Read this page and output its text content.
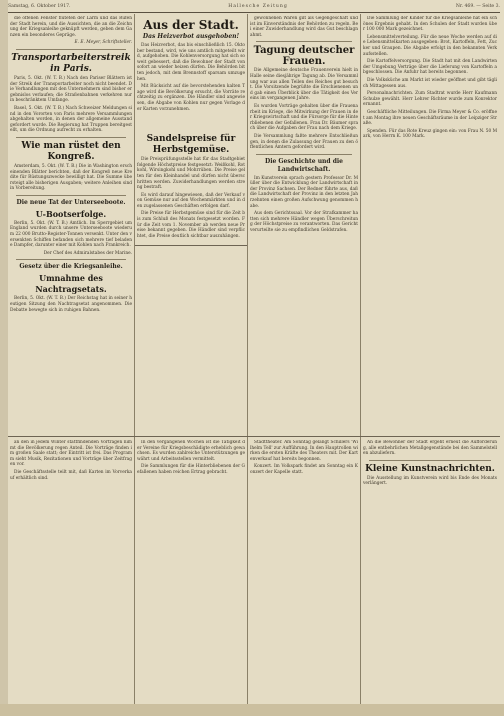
Samstag, 6. Oktober 1917.	Hallesche Zeitung	Nr. 469. — Seite 3.

die offenen Fenster fluteten der Lärm und das Rufen der Stadt herein, und die Aussichten, die an die Zeichnung der Kriegsanleihe geknüpft werden, geben dem Ganzen ein besonderes Gepräge.

E. E. Meyer, Schriftsteller.

Transportarbeiterstreik in Paris.

Paris, 5. Okt. (W. T. B.) Nach den Pariser Blättern ist der Streik der Transportarbeiter noch nicht beendet. Die Verhandlungen mit den Unternehmern sind bisher ergebnislos verlaufen; die Straßenbahnen verkehren nur in beschränktem Umfange.

Basel, 5. Okt. (W. T. B.) Nach Schweizer Meldungen sind in den Vororten von Paris mehrere Versammlungen abgehalten worden, in denen der allgemeine Ausstand gefordert wurde. Die Regierung hat Truppen bereitgestellt, um die Ordnung aufrecht zu erhalten.

Wie man rüstet den Kongreß.

Amsterdam, 5. Okt. (W. T. B.) Die in Washington erscheinenden Blätter berichten, daß der Kongreß neue Kredite für Rüstungszwecke bewilligt hat. Die Summe übersteigt alle bisherigen Ausgaben; weitere Anleihen sind in Vorbereitung.

Die neue Tat der Unterseeboote.
U-Bootserfolge.

Berlin, 5. Okt. (W. T. B.) Amtlich. Im Sperrgebiet um England wurden durch unsere Unterseeboote wiederum 22 000 Brutto-Register-Tonnen versenkt. Unter den versenkten Schiffen befanden sich mehrere tief beladene Dampfer, darunter einer mit Kohlen nach Frankreich.

Der Chef des Admiralstabes der Marine.

Gesetz über die Kriegsanleihe.
Umnahme des Nachtragsetats.

Berlin, 5. Okt. (W. T. B.) Der Reichstag hat in seiner heutigen Sitzung den Nachtragsetat angenommen. Die Debatte bewegte sich in ruhigen Bahnen.

Aus der Stadt.
Das Heizverbot ausgehoben!

Das Heizverbot, das bis einschließlich 15. Oktober bestand, wird, wie uns amtlich mitgeteilt wird, aufgehoben. Die Kohlenversorgung hat sich so weit gebessert, daß die Bewohner der Stadt von sofort an wieder heizen dürfen. Die Behörden bitten jedoch, mit dem Brennstoff sparsam umzugehen.

Mit Rücksicht auf die bevorstehenden kalten Tage wird die Bevölkerung ersucht, die Vorräte rechtzeitig zu ergänzen. Die Händler sind angewiesen, die Abgabe von Kohlen nur gegen Vorlage der Karten vorzunehmen.

Sandelspreise für Herbstgemüse.

Die Preisprüfungsstelle hat für das Stadtgebiet folgende Höchstpreise festgesetzt: Weißkohl, Rotkohl, Wirsingkohl und Mohrrüben. Die Preise gelten für den Kleinhandel und dürfen nicht überschritten werden. Zuwiderhandlungen werden streng bestraft.

Es wird darauf hingewiesen, daß der Verkauf von Gemüse nur auf den Wochenmärkten und in den zugelassenen Geschäften erfolgen darf.

Die Preise für Herbstgemüse sind für die Zeit bis zum Schluß des Monats festgesetzt worden. Für die Zeit vom 1. November ab werden neue Preise bekannt gegeben. Die Händler sind verpflichtet, die Preise deutlich sichtbar auszuhängen.

gewonnenen Waren gilt als Gegengeschäft und ist im Einverständnis der Behörden zu regeln. Bei einer Zuwiderhandlung wird das Gut beschlagnahmt.

Tagung deutscher Frauen.

Die Allgemeine deutsche Frauenverein hielt in Halle seine diesjährige Tagung ab. Die Versammlung war aus allen Teilen des Reiches gut besucht. Die Vorsitzende begrüßte die Erschienenen und gab einen Überblick über die Tätigkeit des Vereins im vergangenen Jahre.

Es wurden Vorträge gehalten über die Frauenarbeit im Kriege, die Mitwirkung der Frauen in der Kriegswirtschaft und die Fürsorge für die Hinterbliebenen der Gefallenen. Frau Dr. Bäumer sprach über die Aufgaben der Frau nach dem Kriege.

Die Versammlung faßte mehrere Entschließungen, in denen die Zulassung der Frauen zu den öffentlichen Ämtern gefordert wird.

Die Geschichte und die Landwirtschaft.

Im Kunstverein sprach gestern Professor Dr. Müller über die Entwicklung der Landwirtschaft in der Provinz Sachsen. Der Redner führte aus, daß die Landwirtschaft der Provinz in den letzten Jahrzehnten einen großen Aufschwung genommen habe.

Aus dem Gerichtssaal. Vor der Strafkammer hatten sich mehrere Händler wegen Überschreitung der Höchstpreise zu verantworten. Das Gericht verurteilte sie zu empfindlichen Geldstrafen.

Die Sammlung der Kinder für die Kriegsanleihe hat ein schönes Ergebnis gehabt. In den Schulen der Stadt wurden über 100 000 Mark gezeichnet.

Lebensmittelverteilung. Für die neue Woche werden auf die Lebensmittelkarten ausgegeben: Brot, Kartoffeln, Fett, Zucker und Graupen. Die Abgabe erfolgt in den bekannten Verkaufsstellen.

Die Kartoffelversorgung. Die Stadt hat mit den Landwirten der Umgebung Verträge über die Lieferung von Kartoffeln abgeschlossen. Die Anfuhr hat bereits begonnen.

Die Volksküche am Markt ist wieder geöffnet und gibt täglich Mittagessen aus.

Personalnachrichten. Zum Stadtrat wurde Herr Kaufmann Schulze gewählt. Herr Lehrer Richter wurde zum Konrektor ernannt.

Geschäftliche Mitteilungen. Die Firma Meyer & Co. eröffnet am Montag ihre neuen Geschäftsräume in der Leipziger Straße.

Spenden. Für das Rote Kreuz gingen ein: von Frau N. 50 Mark, von Herrn K. 100 Mark.

an den in jedem Winter stattfindenden Vorträgen nimmt die Bevölkerung regen Anteil. Die Vorträge finden im großen Saale statt; der Eintritt ist frei. Das Programm sieht Musik, Rezitationen und Vorträge über Zeitfragen vor.

Die Geschäftsstelle teilt mit, daß Karten im Vorverkauf erhältlich sind.

In den vergangenen Wochen ist die Tätigkeit der Vereine für Kriegsbeschädigte erheblich gewachsen. Es wurden zahlreiche Unterstützungen gewährt und Arbeitsstellen vermittelt.

Die Sammlungen für die Hinterbliebenen der Gefallenen haben reichen Ertrag gebracht.

Stadttheater. Am Sonntag gelangt Schillers 'Wilhelm Tell' zur Aufführung. In den Hauptrollen wirken die ersten Kräfte des Theaters mit. Der Kartenverkauf hat bereits begonnen.

Konzert. Im Volkspark findet am Sonntag ein Konzert der Kapelle statt.

An die Bewohner der Stadt ergeht erneut die Aufforderung, alle entbehrlichen Metallgegenstände bei den Sammelstellen abzuliefern.

Kleine Kunstnachrichten.

Die Ausstellung im Kunstverein wird bis Ende des Monats verlängert.
